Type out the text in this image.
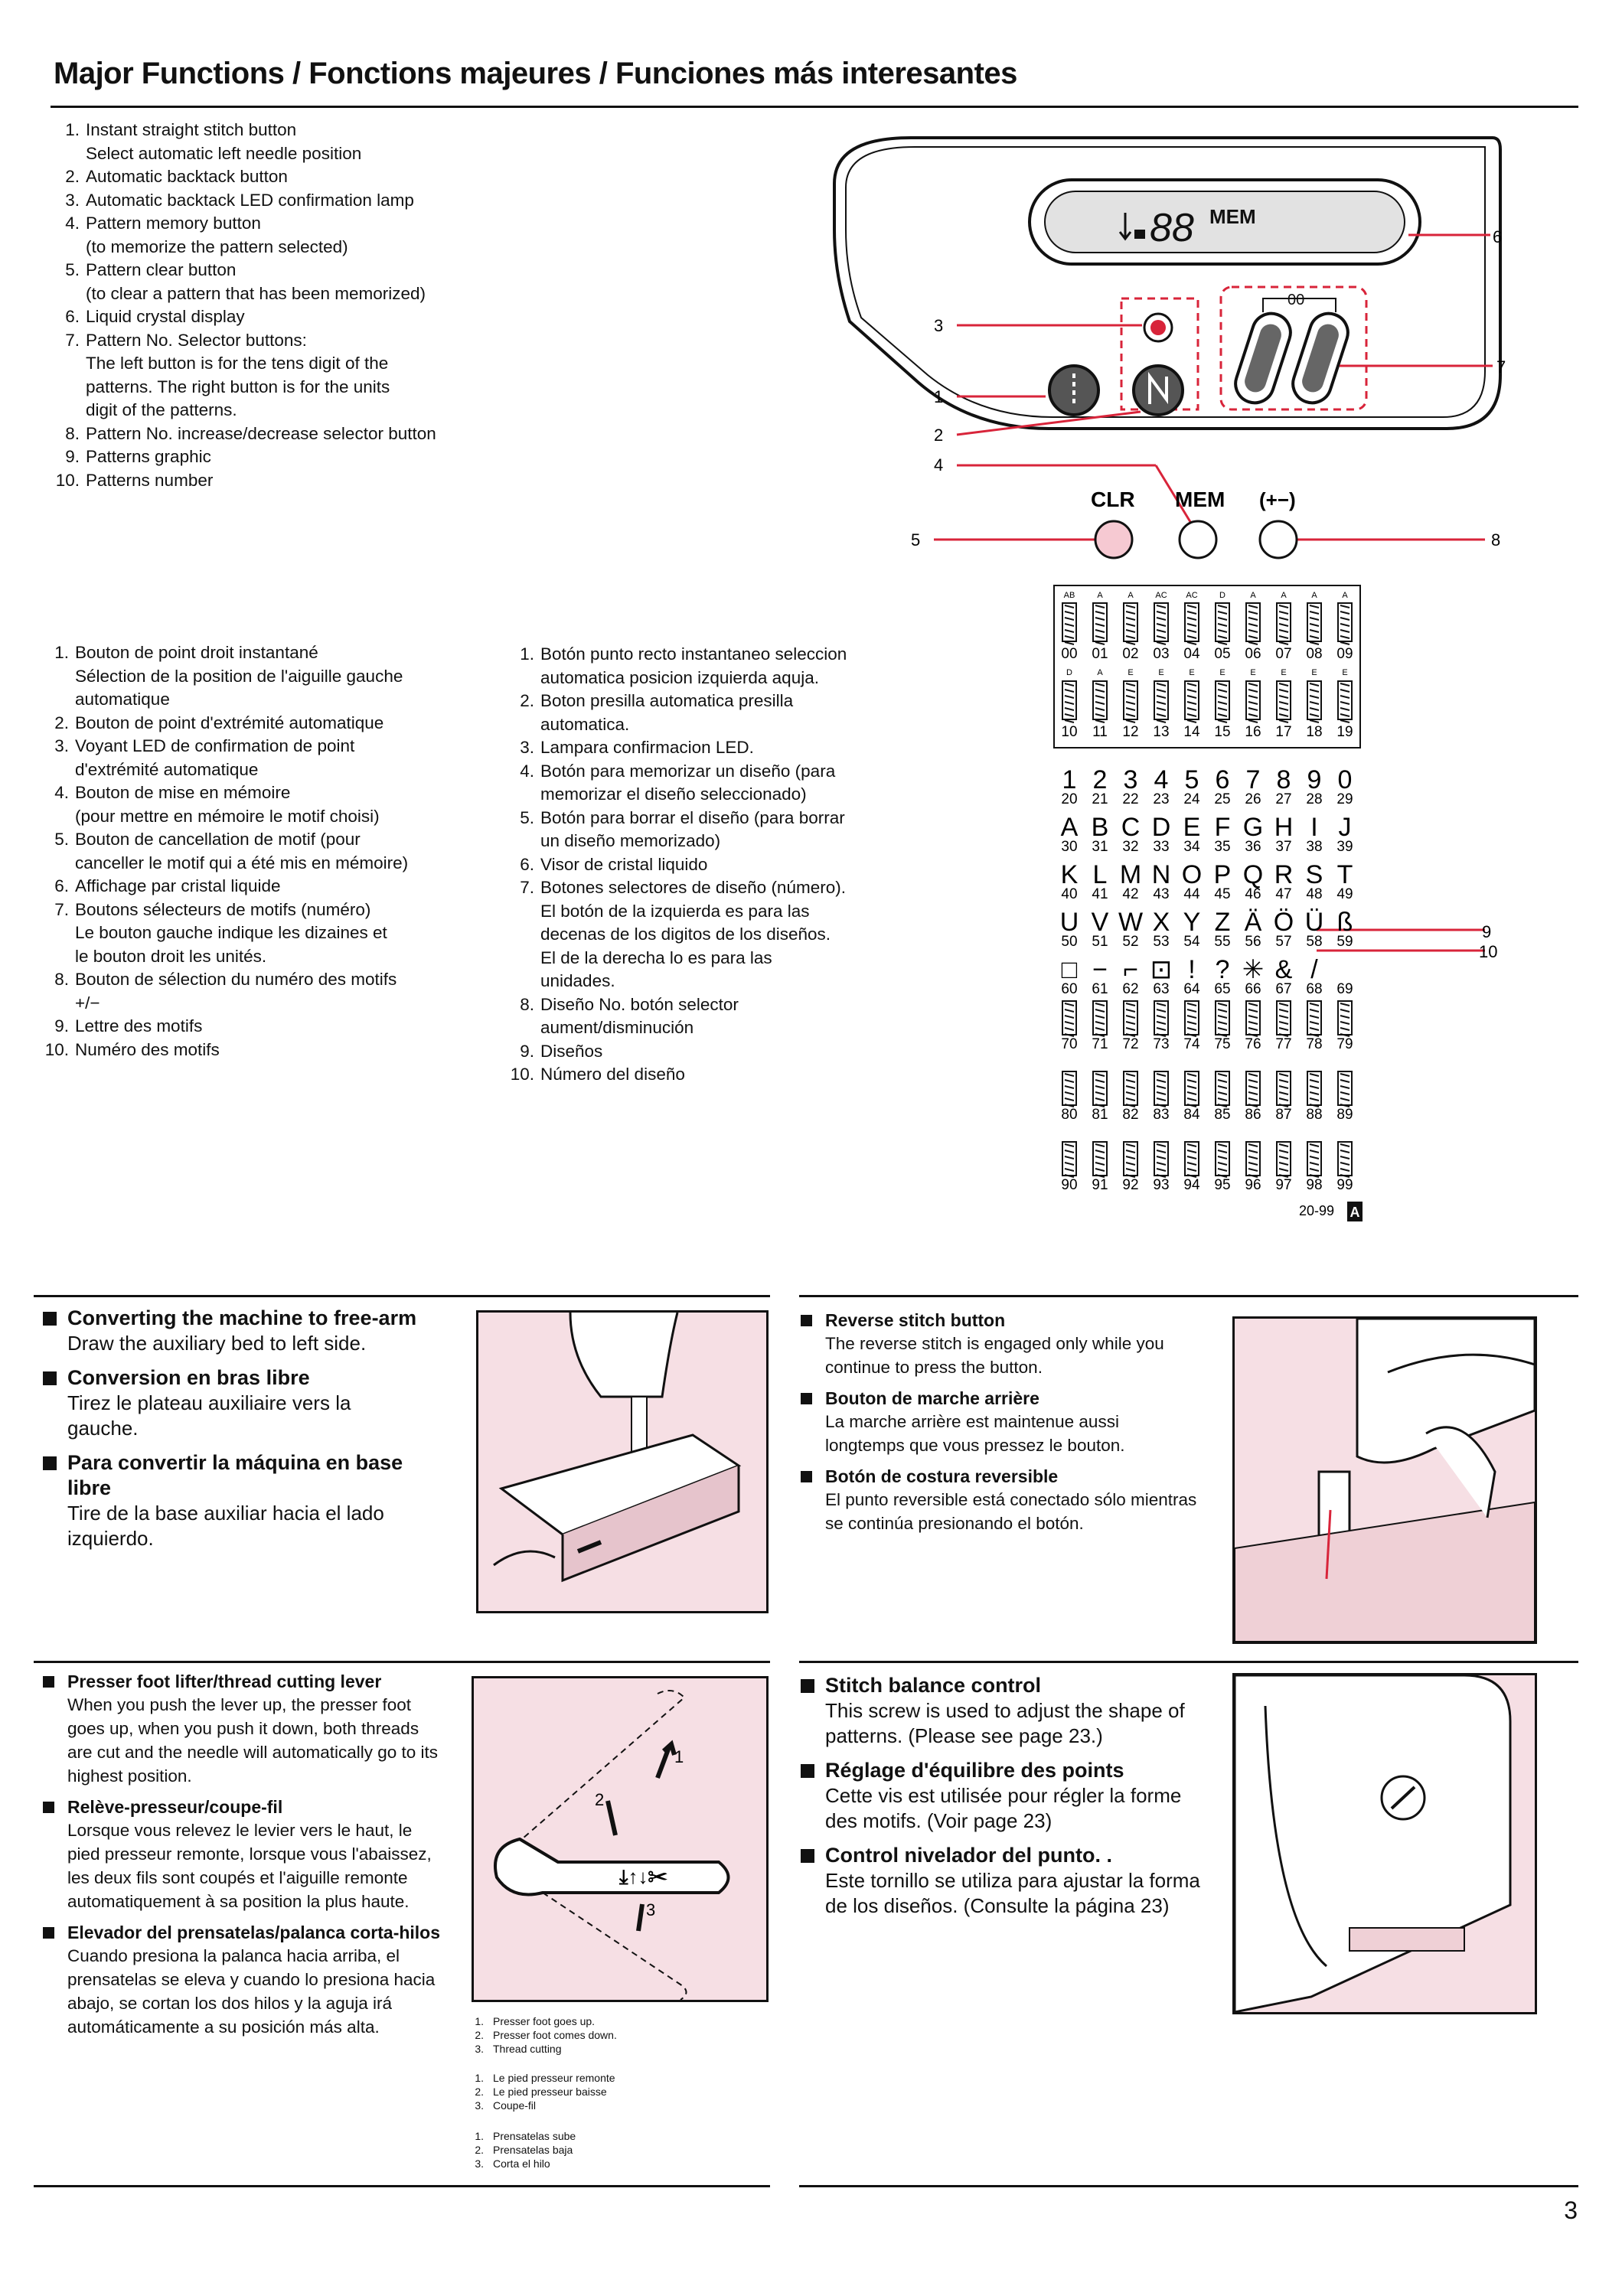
Major Functions / Fonctions majeures / Funciones más interesantes
1. Instant straight stitch button
Select automatic left needle position
2. Automatic backtack button
3. Automatic backtack LED confirmation lamp
4. Pattern memory button
(to memorize the pattern selected)
5. Pattern clear button
(to clear a pattern that has been memorized)
6. Liquid crystal display
7. Pattern No. Selector buttons:
The left button is for the tens digit of the
patterns. The right button is for the units
digit of the patterns.
8. Pattern No. increase/decrease selector button
9. Patterns graphic
10. Patterns number
1. Bouton de point droit instantané
Sélection de la position de l'aiguille gauche
automatique
2. Bouton de point d'extrémité automatique
3. Voyant LED de confirmation de point
d'extrémité automatique
4. Bouton de mise en mémoire
(pour mettre en mémoire le motif choisi)
5. Bouton de cancellation de motif (pour
canceller le motif qui a été mis en mémoire)
6. Affichage par cristal liquide
7. Boutons sélecteurs de motifs (numéro)
Le bouton gauche indique les dizaines et
le bouton droit les unités.
8. Bouton de sélection du numéro des motifs
+/−
9. Lettre des motifs
10. Numéro des motifs
1. Botón punto recto instantaneo seleccion
automatica posicion izquierda aquja.
2. Boton presilla automatica presilla
automatica.
3. Lampara confirmacion LED.
4. Botón para memorizar un diseño (para
memorizar el diseño seleccionado)
5. Botón para borrar el diseño (para borrar
un diseño memorizado)
6. Visor de cristal liquido
7. Botones selectores de diseño (número).
El botón de la izquierda es para las
decenas de los digitos de los diseños.
El de la derecha lo es para las
unidades.
8. Diseño No. botón selector
aument/disminución
9. Diseños
10. Número del diseño
88 MEM
00
6
7
3
1
2
4
5	8
9
10
CLR MEM (+−)
AB
00
A
01
A
02
AC
03
AC
04
D
05
A
06
A
07
A
08
A
09
D
10
A
11
E
12
E
13
E
14
E
15
E
16
E
17
E
18
E
19
1
20
2
21
3
22
4
23
5
24
6
25
7
26
8
27
9
28
0
29
A
30
B
31
C
32
D
33
E
34
F
35
G
36
H
37
I
38
J
39
K
40
L
41
M
42
N
43
O
44
P
45
Q
46
R
47
S
48
T
49
U
50
V
51
W
52
X
53
Y
54
Z
55
Ä
56
Ö
57
Ü
58
ß
59
□
60
−
61
⌐
62
⊡
63
!
64
?
65
✳
66
&
67
/
68 69
70 71 72 73 74 75 76 77 78 79
80 81 82 83 84 85 86 87 88 89
90 91 92 93 94 95 96 97 98 99
20-99 A
Converting the machine to free-arm

Draw the auxiliary bed to left side.

Conversion en bras libre

Tirez le plateau auxiliaire vers la gauche.

Para convertir la máquina en base libre

Tire de la base auxiliar hacia el lado izquierdo.

Reverse stitch button

The reverse stitch is engaged only while you continue to press the button.

Bouton de marche arrière

La marche arrière est maintenue aussi longtemps que vous pressez le bouton.

Botón de costura reversible

El punto reversible está conectado sólo mientras se continúa presionando el botón.

Presser foot lifter/thread cutting lever

When you push the lever up, the presser foot goes up, when you push it down, both threads are cut and the needle will automatically go to its highest position.

Relève-presseur/coupe-fil

Lorsque vous relevez le levier vers le haut, le pied presseur remonte, lorsque vous l'abaissez, les deux fils sont coupés et l'aiguille remonte automatiquement à sa position la plus haute.

Elevador del prensatelas/palanca corta-hilos

Cuando presiona la palanca hacia arriba, el prensatelas se eleva y cuando lo presiona hacia abajo, se cortan los dos hilos y la aguja irá automáticamente a su posición más alta.

⤓↑↓✂
1
2
3
1. Presser foot goes up.
2. Presser foot comes down.
3. Thread cutting
1. Le pied presseur remonte
2. Le pied presseur baisse
3. Coupe-fil
1. Prensatelas sube
2. Prensatelas baja
3. Corta el hilo
Stitch balance control

This screw is used to adjust the shape of patterns. (Please see page 23.)

Réglage d'équilibre des points

Cette vis est utilisée pour régler la forme des motifs. (Voir page 23)

Control nivelador del punto. .

Este tornillo se utiliza para ajustar la forma de los diseños. (Consulte la página 23)

3
